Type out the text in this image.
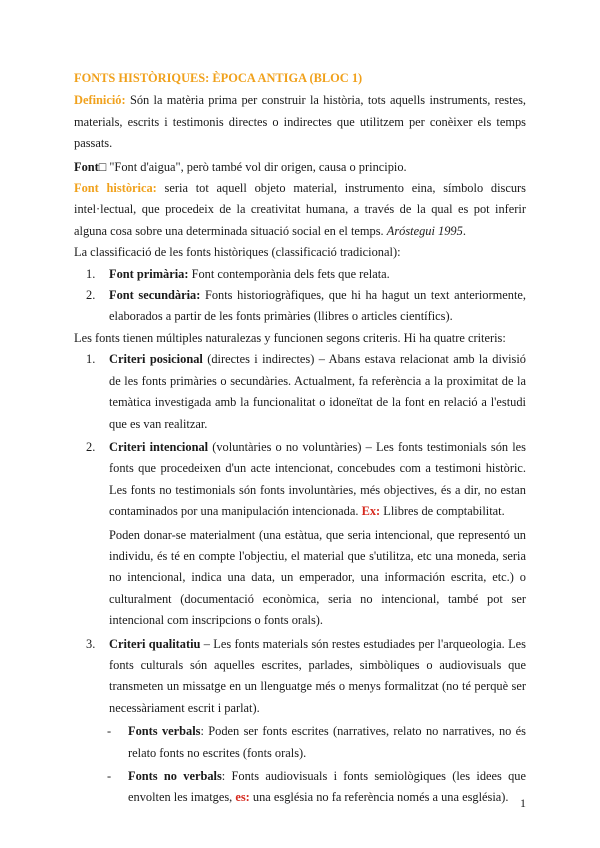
FONTS HISTÒRIQUES: ÈPOCA ANTIGA (BLOC 1)

Definició: Són la matèria prima per construir la història, tots aquells instruments, restes, materials, escrits i testimonis directes o indirectes que utilitzem per conèixer els temps passats.

Font□ "Font d'aigua", però també vol dir origen, causa o principio.

Font històrica: seria tot aquell objeto material, instrumento eina, símbolo discurs intel·lectual, que procedeix de la creativitat humana, a través de la qual es pot inferir alguna cosa sobre una determinada situació social en el temps. Aróstegui 1995.

La classificació de les fonts històriques (classificació tradicional):

1. Font primària: Font contemporània dels fets que relata.
2. Font secundària: Fonts historiogràfiques, que hi ha hagut un text anteriormente, elaborados a partir de les fonts primàries (llibres o articles científics).

Les fonts tienen múltiples naturalezas y funcionen segons criteris. Hi ha quatre criteris:

1. Criteri posicional (directes i indirectes) – Abans estava relacionat amb la divisió de les fonts primàries o secundàries. Actualment, fa referència a la proximitat de la temàtica investigada amb la funcionalitat o idoneïtat de la font en relació a l'estudi que es van realitzar.
2. Criteri intencional (voluntàries o no voluntàries) – Les fonts testimonials són les fonts que procedeixen d'un acte intencionat, concebudes com a testimoni històric. Les fonts no testimonials són fonts involuntàries, més objectives, és a dir, no estan contaminados por una manipulación intencionada. Ex: Llibres de comptabilitat.
Poden donar-se materialment (una estàtua, que seria intencional, que representó un individu, és té en compte l'objectiu, el material que s'utilitza, etc una moneda, seria no intencional, indica una data, un emperador, una información escrita, etc.) o culturalment (documentació econòmica, seria no intencional, també pot ser intencional com inscripcions o fonts orals).
3. Criteri qualitatiu – Les fonts materials són restes estudiades per l'arqueologia. Les fonts culturals són aquelles escrites, parlades, simbòliques o audiovisuals que transmeten un missatge en un llenguatge més o menys formalitzat (no té perquè ser necessàriament escrit i parlat).
- Fonts verbals: Poden ser fonts escrites (narratives, relato no narratives, no és relato fonts no escrites (fonts orals).
- Fonts no verbals: Fonts audiovisuals i fonts semiològiques (les idees que envolten les imatges, es: una església no fa referència només a una església). 1
